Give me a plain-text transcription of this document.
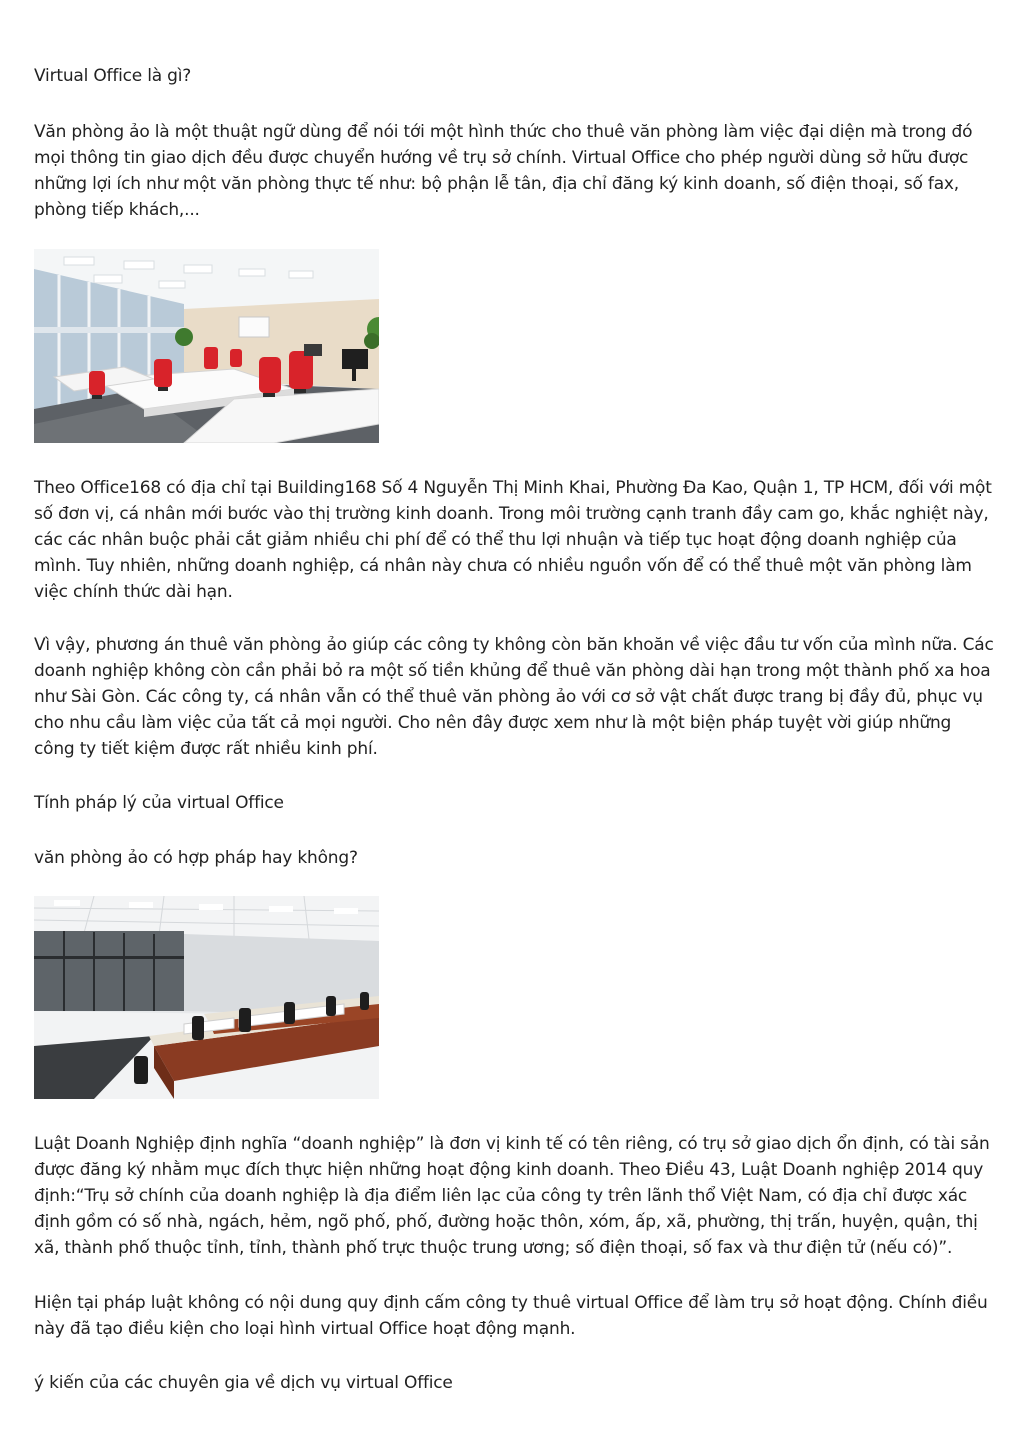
Virtual Office là gì?

Văn phòng ảo là một thuật ngữ dùng để nói tới một hình thức cho thuê văn phòng làm việc đại diện mà trong đó mọi thông tin giao dịch đều được chuyển hướng về trụ sở chính. Virtual Office cho phép người dùng sở hữu được những lợi ích như một văn phòng thực tế như: bộ phận lễ tân, địa chỉ đăng ký kinh doanh, số điện thoại, số fax, phòng tiếp khách,...

Theo Office168 có địa chỉ tại Building168 Số 4 Nguyễn Thị Minh Khai, Phường Đa Kao, Quận 1, TP HCM, đối với một số đơn vị, cá nhân mới bước vào thị trường kinh doanh. Trong môi trường cạnh tranh đầy cam go, khắc nghiệt này, các các nhân buộc phải cắt giảm nhiều chi phí để có thể thu lợi nhuận và tiếp tục hoạt động doanh nghiệp của mình. Tuy nhiên, những doanh nghiệp, cá nhân này chưa có nhiều nguồn vốn để có thể thuê một văn phòng làm việc chính thức dài hạn.

Vì vậy, phương án thuê văn phòng ảo giúp các công ty không còn băn khoăn về việc đầu tư vốn của mình nữa. Các doanh nghiệp không còn cần phải bỏ ra một số tiền khủng để thuê văn phòng dài hạn trong một thành phố xa hoa như Sài Gòn. Các công ty, cá nhân vẫn có thể thuê văn phòng ảo với cơ sở vật chất được trang bị đầy đủ, phục vụ cho nhu cầu làm việc của tất cả mọi người. Cho nên đây được xem như là một biện pháp tuyệt vời giúp những công ty tiết kiệm được rất nhiều kinh phí.

Tính pháp lý của virtual Office

văn phòng ảo có hợp pháp hay không?

Luật Doanh Nghiệp định nghĩa “doanh nghiệp” là đơn vị kinh tế có tên riêng, có trụ sở giao dịch ổn định, có tài sản được đăng ký nhằm mục đích thực hiện những hoạt động kinh doanh. Theo Điều 43, Luật Doanh nghiệp 2014 quy định:“Trụ sở chính của doanh nghiệp là địa điểm liên lạc của công ty trên lãnh thổ Việt Nam, có địa chỉ được xác định gồm có số nhà, ngách, hẻm, ngõ phố, phố, đường hoặc thôn, xóm, ấp, xã, phường, thị trấn, huyện, quận, thị xã, thành phố thuộc tỉnh, tỉnh, thành phố trực thuộc trung ương; số điện thoại, số fax và thư điện tử (nếu có)”.

Hiện tại pháp luật không có nội dung quy định cấm công ty thuê virtual Office để làm trụ sở hoạt động. Chính điều này đã tạo điều kiện cho loại hình virtual Office hoạt động mạnh.

ý kiến của các chuyên gia về dịch vụ virtual Office
